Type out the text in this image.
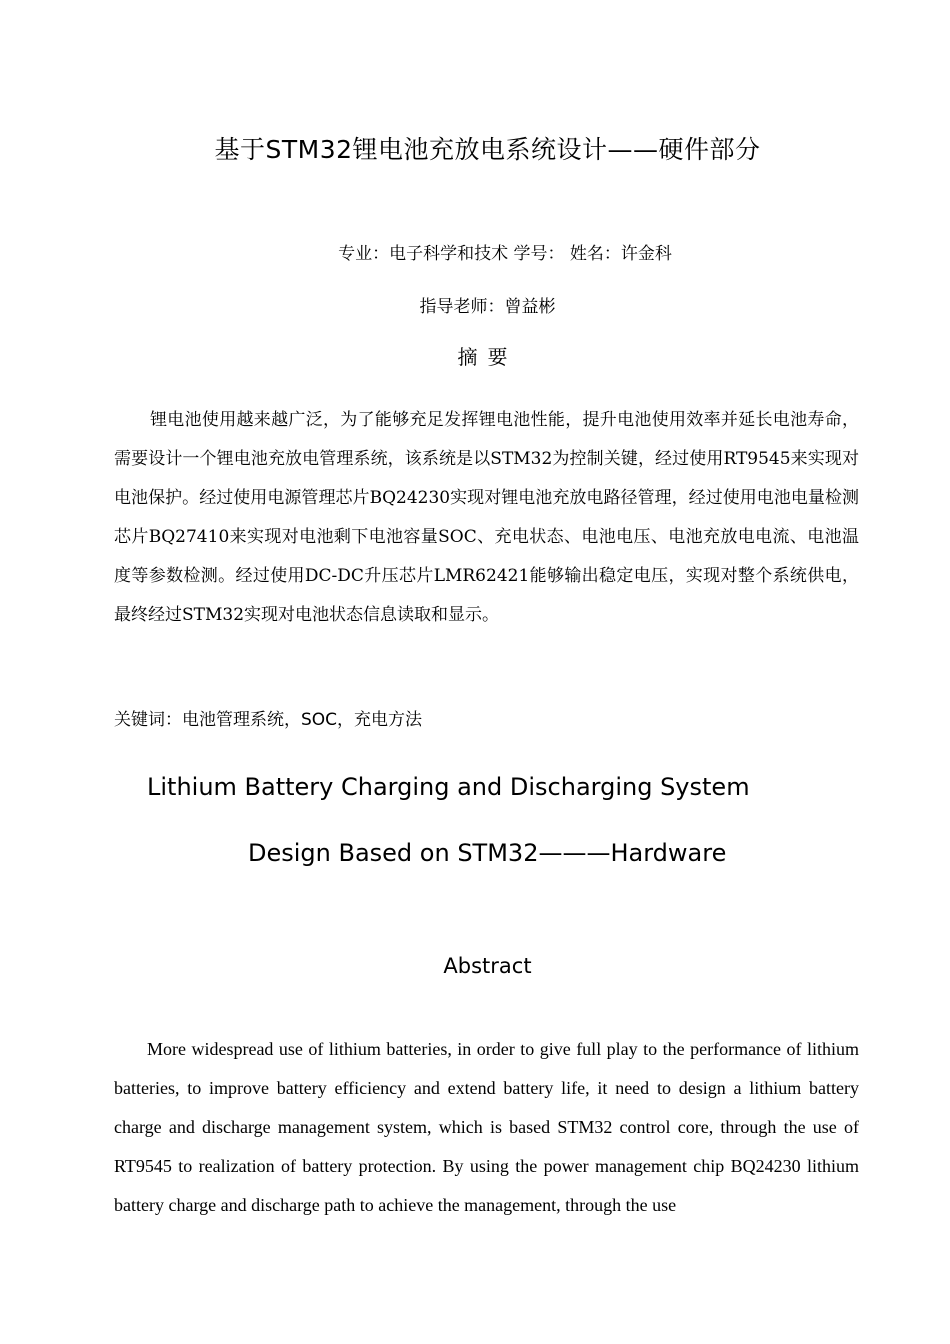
基于STM32锂电池充放电系统设计——硬件部分
专业：电子科学和技术 学号： 姓名：许金科
指导老师：曾益彬
摘要

锂电池使用越来越广泛，为了能够充足发挥锂电池性能，提升电池使用效率并延长电池寿命，需要设计一个锂电池充放电管理系统，该系统是以STM32为控制关键，经过使用RT9545来实现对电池保护。经过使用电源管理芯片BQ24230实现对锂电池充放电路径管理，经过使用电池电量检测芯片BQ27410来实现对电池剩下电池容量SOC、充电状态、电池电压、电池充放电电流、电池温度等参数检测。经过使用DC-DC升压芯片LMR62421能够输出稳定电压，实现对整个系统供电，最终经过STM32实现对电池状态信息读取和显示。

关键词：电池管理系统，SOC，充电方法
Lithium Battery Charging and Discharging System
Design Based on STM32———Hardware
Abstract

More widespread use of lithium batteries, in order to give full play to the performance of lithium batteries, to improve battery efficiency and extend battery life, it need to design a lithium battery charge and discharge management system, which is based STM32 control core, through the use of RT9545 to realization of battery protection. By using the power management chip BQ24230 lithium battery charge and discharge path to achieve the management, through the use
